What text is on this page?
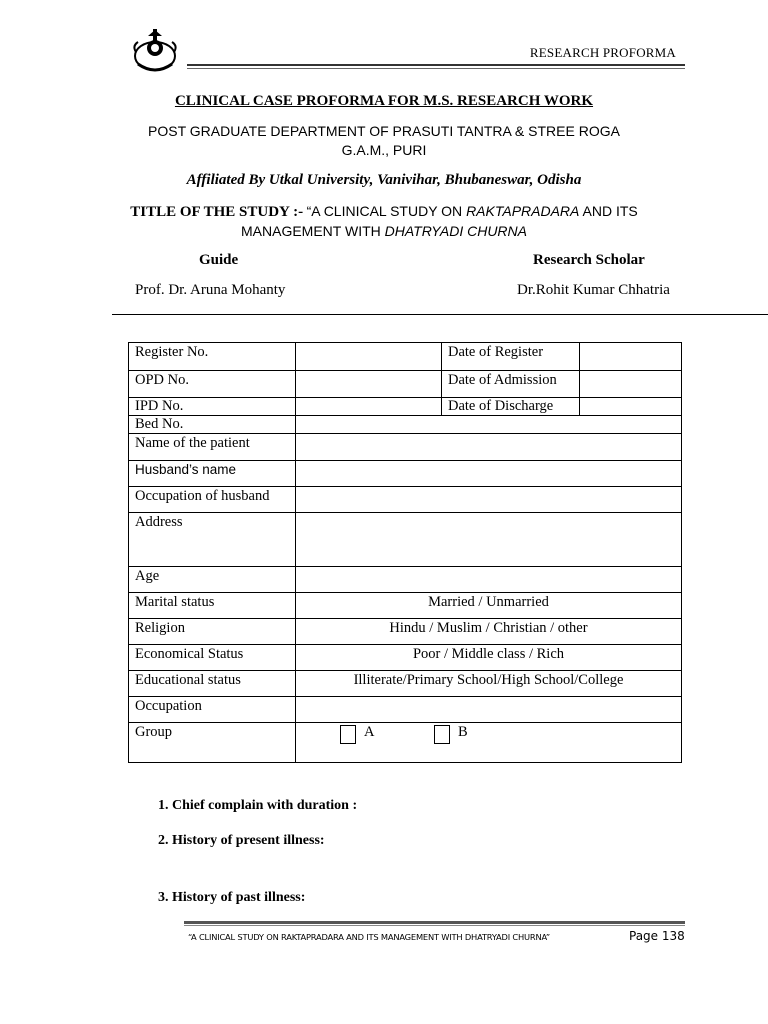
RESEARCH PROFORMA
CLINICAL CASE PROFORMA FOR M.S. RESEARCH WORK
POST GRADUATE DEPARTMENT OF PRASUTI TANTRA & STREE ROGA
G.A.M., PURI
Affiliated By Utkal University, Vanivihar, Bhubaneswar, Odisha
TITLE OF THE STUDY :- “A CLINICAL STUDY ON RAKTAPRADARA AND ITS
MANAGEMENT WITH DHATRYADI CHURNA
Guide	Research Scholar
Prof. Dr. Aruna Mohanty	Dr.Rohit Kumar Chhatria
Register No.		Date of Register	
OPD No.		Date of Admission	
IPD No.		Date of Discharge	
Bed No.			
Name of the patient			
Husband’s name			
Occupation of husband			
Address			
Age			
Marital status	Married / Unmarried		
Religion	Hindu / Muslim / Christian / other		
Economical Status	Poor / Middle class / Rich		
Educational status	Illiterate/Primary School/High School/College		
Occupation			
Group	A B		
1. Chief complain with duration :
2. History of present illness:
3. History of past illness:
“A CLINICAL STUDY ON RAKTAPRADARA AND ITS MANAGEMENT WITH DHATRYADI CHURNA”	Page 138
